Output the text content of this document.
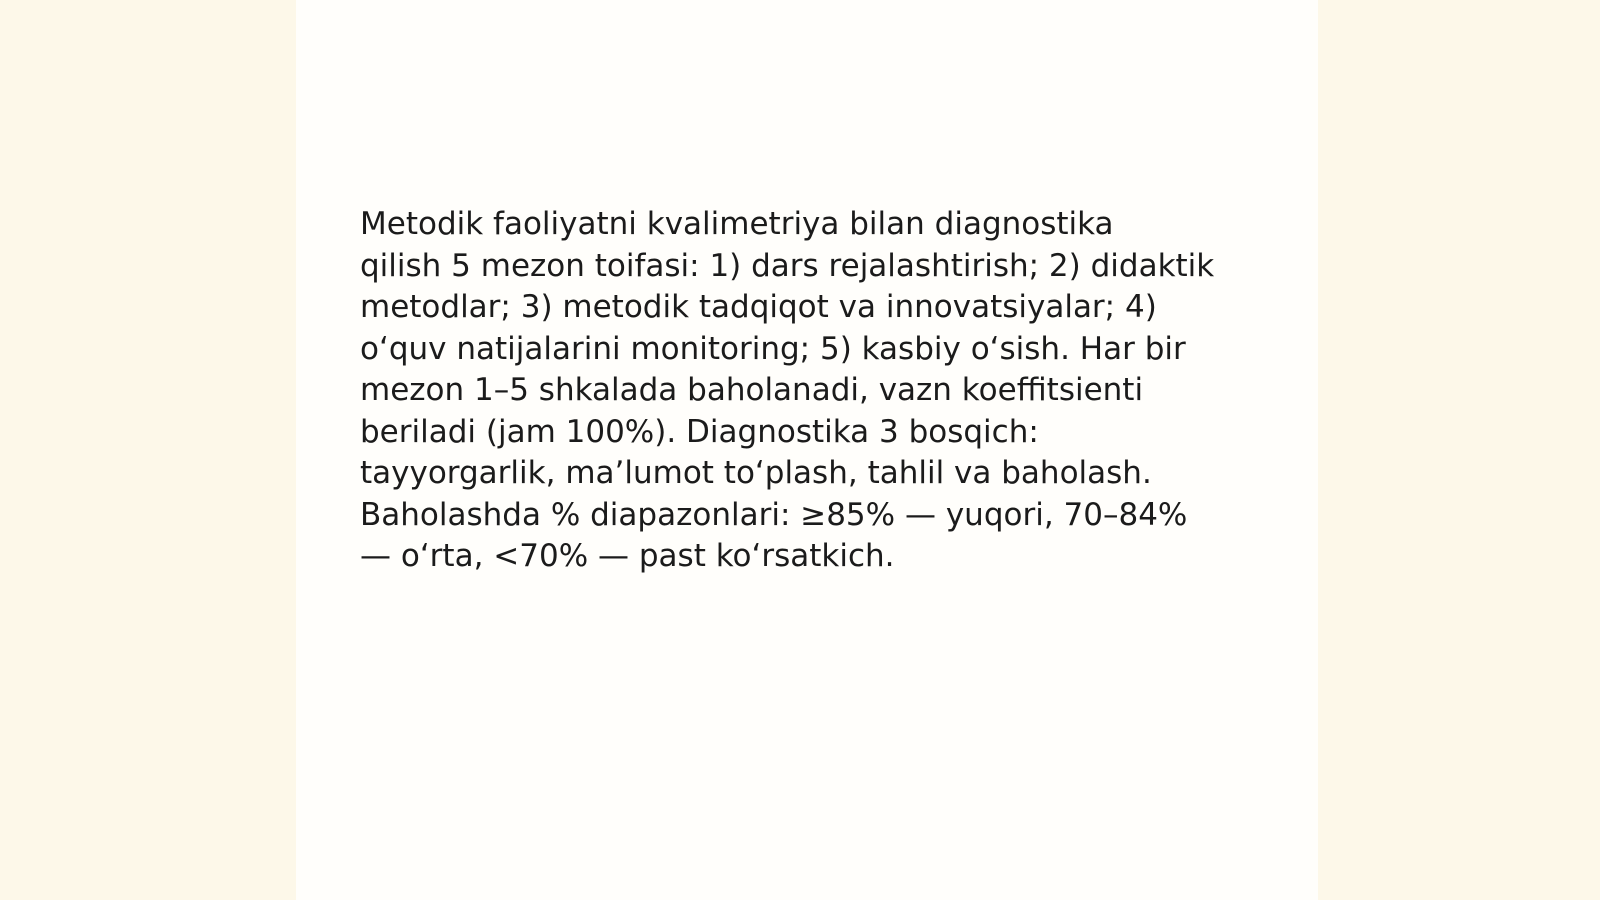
Metodik faoliyatni kvalimetriya bilan diagnostika
qilish 5 mezon toifasi: 1) dars rejalashtirish; 2) didaktik
metodlar; 3) metodik tadqiqot va innovatsiyalar; 4)
oʻquv natijalarini monitoring; 5) kasbiy oʻsish. Har bir
mezon 1–5 shkalada baholanadi, vazn koeffitsienti
beriladi (jam 100%). Diagnostika 3 bosqich:
tayyorgarlik, maʼlumot toʻplash, tahlil va baholash.
Baholashda % diapazonlari: ≥85% — yuqori, 70–84%
— oʻrta, <70% — past koʻrsatkich.
